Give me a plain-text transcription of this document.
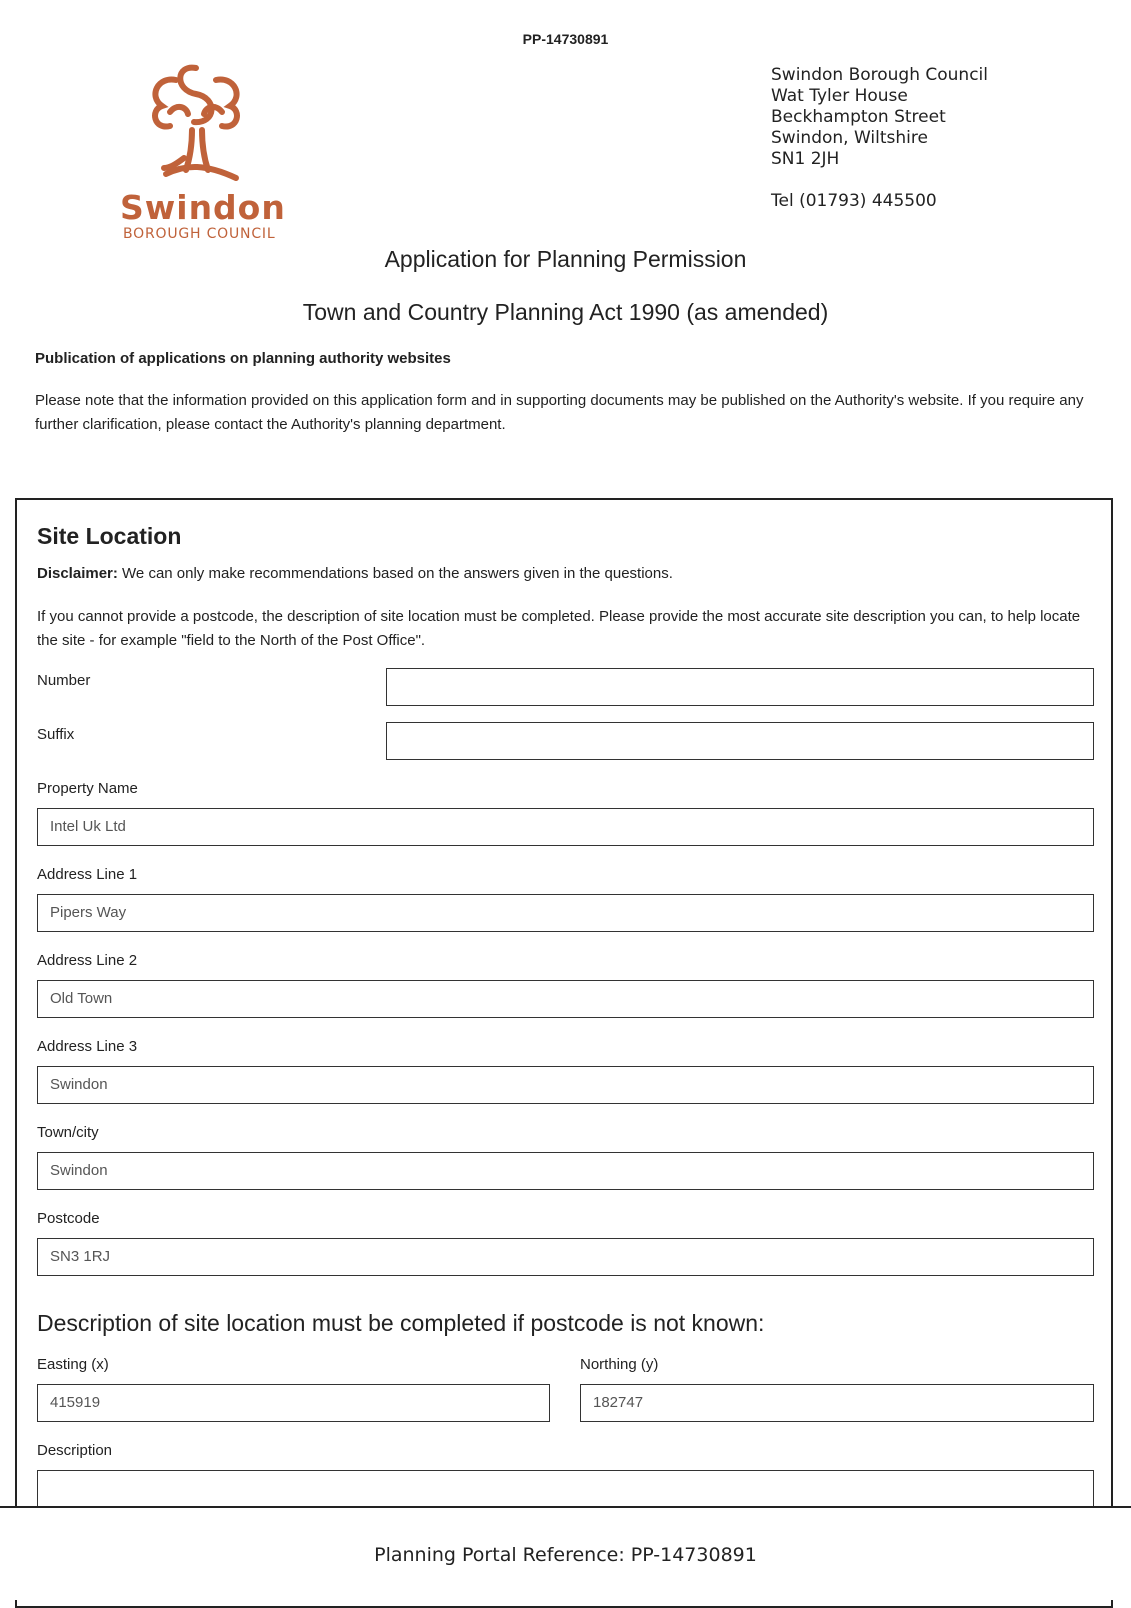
PP-14730891
Swindon
BOROUGH COUNCIL
Swindon Borough Council
Wat Tyler House
Beckhampton Street
Swindon, Wiltshire
SN1 2JH
Tel (01793) 445500
Application for Planning Permission
Town and Country Planning Act 1990 (as amended)
Publication of applications on planning authority websites
Please note that the information provided on this application form and in supporting documents may be published on the Authority's website. If you require any further clarification, please contact the Authority's planning department.
Site Location
Disclaimer: We can only make recommendations based on the answers given in the questions.
If you cannot provide a postcode, the description of site location must be completed. Please provide the most accurate site description you can, to help locate the site - for example "field to the North of the Post Office".
Number
Suffix
Property Name
Intel Uk Ltd
Address Line 1
Pipers Way
Address Line 2
Old Town
Address Line 3
Swindon
Town/city
Swindon
Postcode
SN3 1RJ
Description of site location must be completed if postcode is not known:
Easting (x)
415919
Northing (y)
182747
Description
Planning Portal Reference: PP-14730891
